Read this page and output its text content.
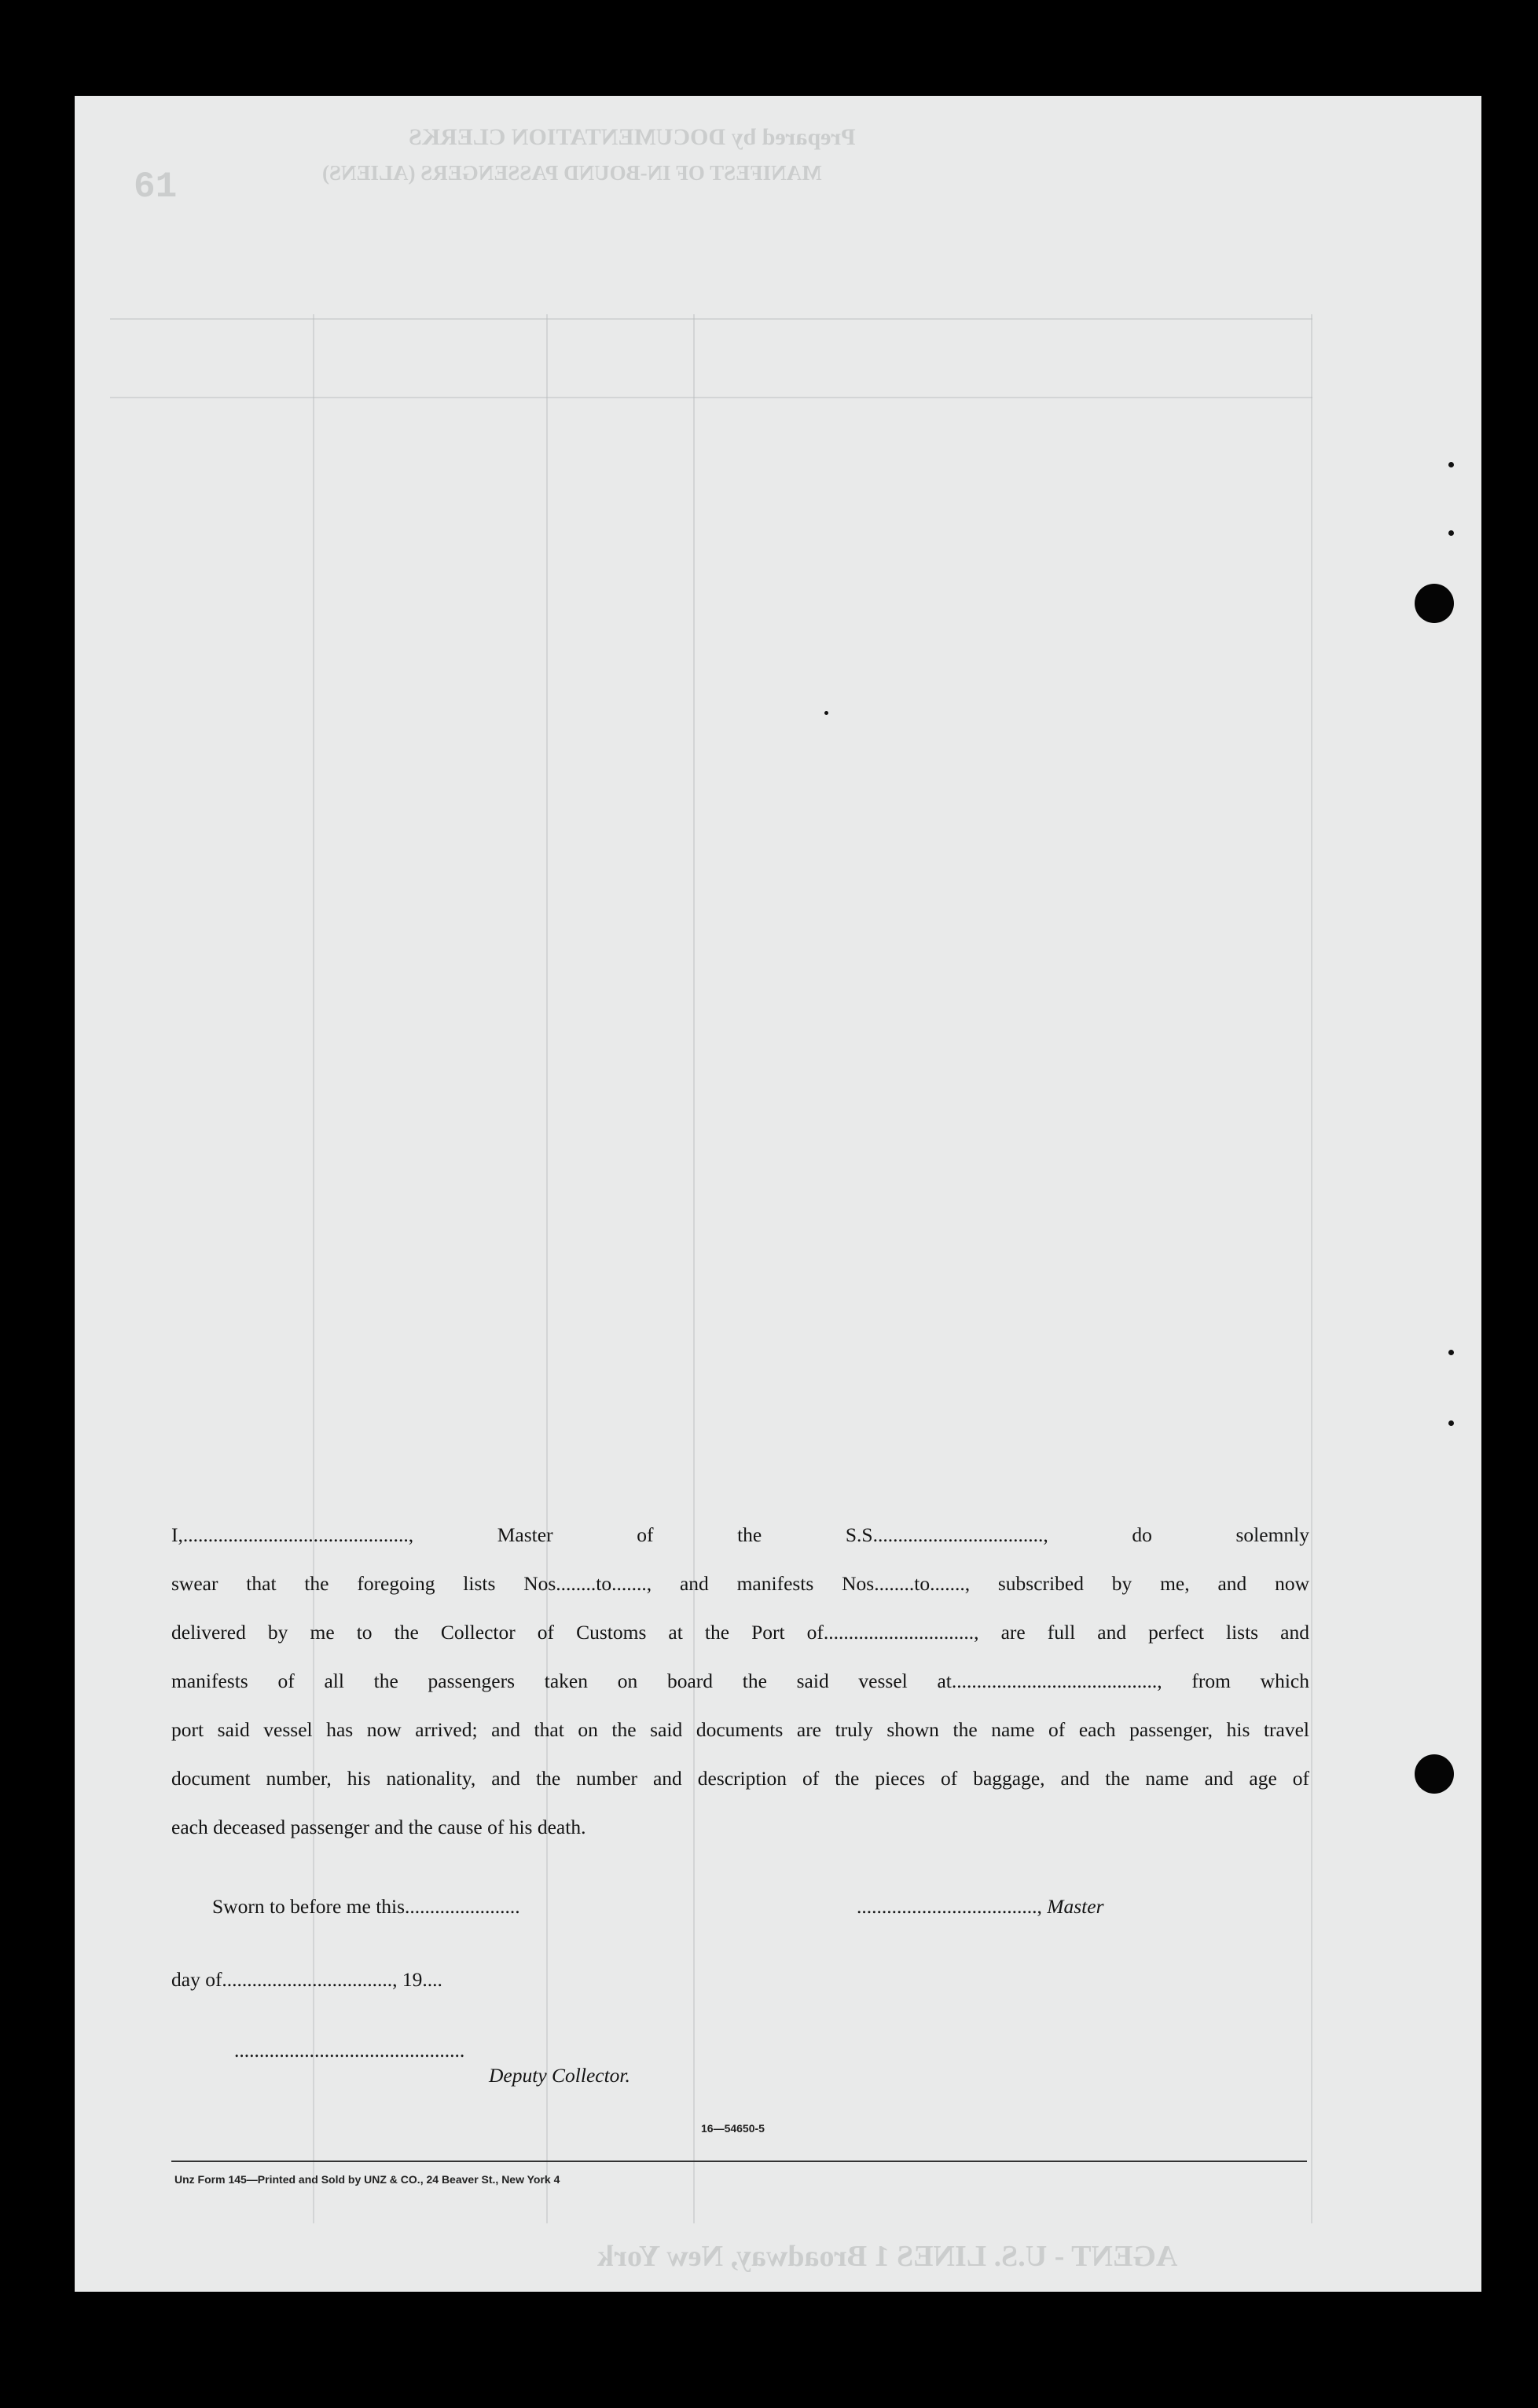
Prepared by DOCUMENTATION CLERKS
MANIFEST OF IN-BOUND PASSENGERS (ALIENS)
61
I,............................................., Master of the S.S.................................., do solemnly
swear that the foregoing lists Nos........to......., and manifests Nos........to......., subscribed by me, and now
delivered by me to the Collector of Customs at the Port of.............................., are full and perfect lists and
manifests of all the passengers taken on board the said vessel at........................................., from which
port said vessel has now arrived; and that on the said documents are truly shown the name of each passenger, his travel
document number, his nationality, and the number and description of the pieces of baggage, and the name and age of
each deceased passenger and the cause of his death.
Sworn to before me this.......................	...................................., Master
day of.................................., 19....
..............................................
Deputy Collector.
16—54650-5
Unz Form 145—Printed and Sold by UNZ & CO., 24 Beaver St., New York 4
AGENT - U.S. LINES 1 Broadway, New York
